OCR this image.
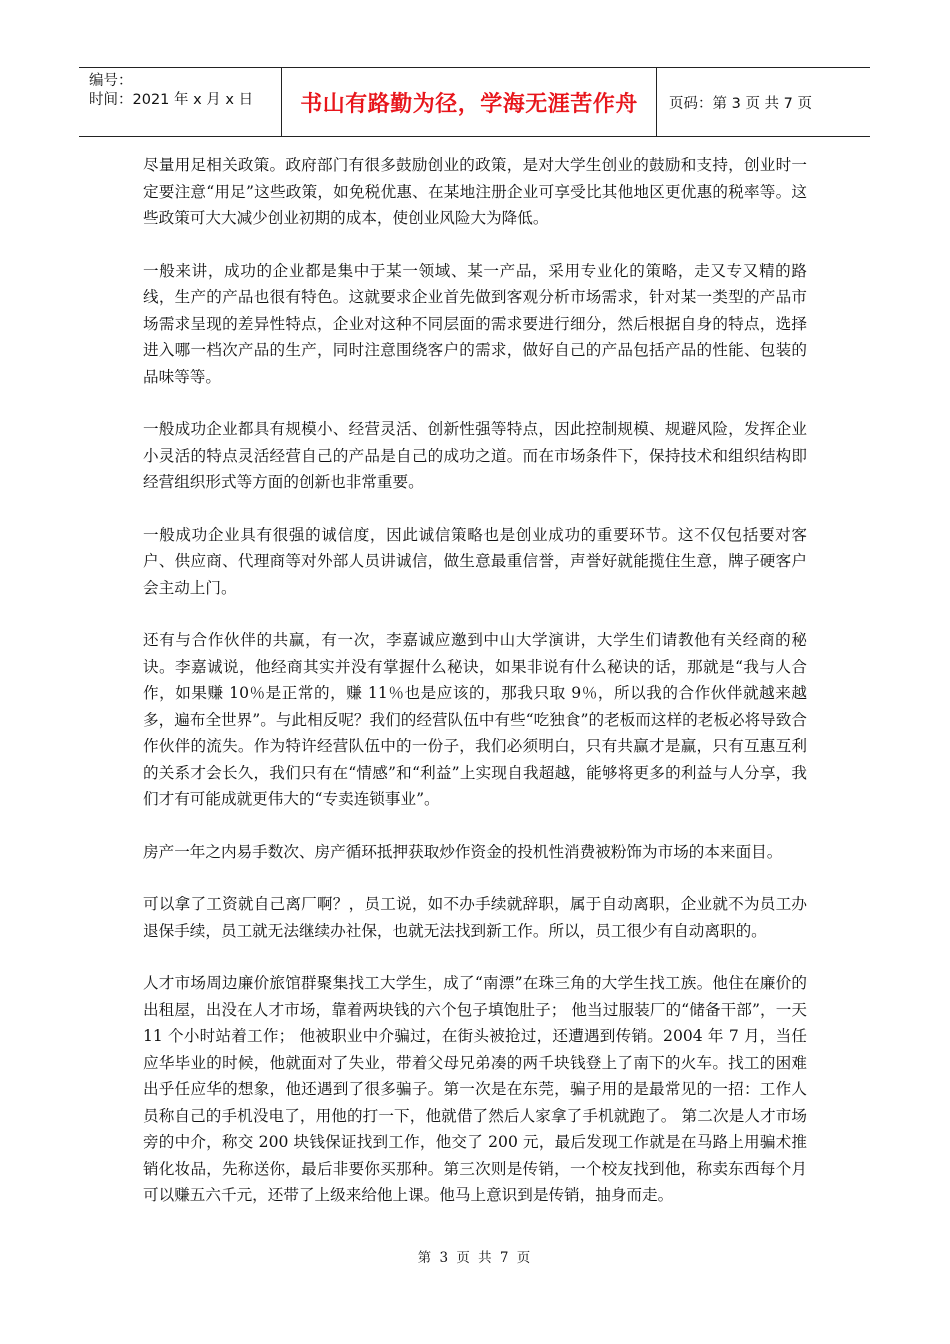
编号：
时间：2021 年 x 月 x 日	书山有路勤为径，学海无涯苦作舟	页码：第 3 页 共 7 页

尽量用足相关政策。政府部门有很多鼓励创业的政策，是对大学生创业的鼓励和支持，创业时一定要注意“用足”这些政策，如免税优惠、在某地注册企业可享受比其他地区更优惠的税率等。这些政策可大大减少创业初期的成本，使创业风险大为降低。

一般来讲，成功的企业都是集中于某一领域、某一产品，采用专业化的策略，走又专又精的路线，生产的产品也很有特色。这就要求企业首先做到客观分析市场需求，针对某一类型的产品市场需求呈现的差异性特点，企业对这种不同层面的需求要进行细分，然后根据自身的特点，选择进入哪一档次产品的生产，同时注意围绕客户的需求，做好自己的产品包括产品的性能、包装的品味等等。

一般成功企业都具有规模小、经营灵活、创新性强等特点，因此控制规模、规避风险，发挥企业小灵活的特点灵活经营自己的产品是自己的成功之道。而在市场条件下，保持技术和组织结构即经营组织形式等方面的创新也非常重要。

一般成功企业具有很强的诚信度，因此诚信策略也是创业成功的重要环节。这不仅包括要对客户、供应商、代理商等对外部人员讲诚信，做生意最重信誉，声誉好就能揽住生意，牌子硬客户会主动上门。

还有与合作伙伴的共赢，有一次，李嘉诚应邀到中山大学演讲，大学生们请教他有关经商的秘诀。李嘉诚说，他经商其实并没有掌握什么秘诀，如果非说有什么秘诀的话，那就是“我与人合作，如果赚 10％是正常的，赚 11％也是应该的，那我只取 9％，所以我的合作伙伴就越来越多，遍布全世界”。与此相反呢？我们的经营队伍中有些“吃独食”的老板而这样的老板必将导致合作伙伴的流失。作为特许经营队伍中的一份子，我们必须明白，只有共赢才是赢，只有互惠互利的关系才会长久，我们只有在“情感”和“利益”上实现自我超越，能够将更多的利益与人分享，我们才有可能成就更伟大的“专卖连锁事业”。

房产一年之内易手数次、房产循环抵押获取炒作资金的投机性消费被粉饰为市场的本来面目。

可以拿了工资就自己离厂啊？，员工说，如不办手续就辞职，属于自动离职，企业就不为员工办退保手续，员工就无法继续办社保，也就无法找到新工作。所以，员工很少有自动离职的。

人才市场周边廉价旅馆群聚集找工大学生，成了“南漂”在珠三角的大学生找工族。他住在廉价的出租屋，出没在人才市场，靠着两块钱的六个包子填饱肚子； 他当过服装厂的“储备干部”，一天 11 个小时站着工作； 他被职业中介骗过，在街头被抢过，还遭遇到传销。2004 年 7 月，当任应华毕业的时候，他就面对了失业，带着父母兄弟凑的两千块钱登上了南下的火车。找工的困难出乎任应华的想象，他还遇到了很多骗子。第一次是在东莞，骗子用的是最常见的一招：工作人员称自己的手机没电了，用他的打一下，他就借了然后人家拿了手机就跑了。 第二次是人才市场旁的中介，称交 200 块钱保证找到工作，他交了 200 元，最后发现工作就是在马路上用骗术推销化妆品，先称送你，最后非要你买那种。第三次则是传销，一个校友找到他，称卖东西每个月可以赚五六千元，还带了上级来给他上课。他马上意识到是传销，抽身而走。

第 3 页 共 7 页
